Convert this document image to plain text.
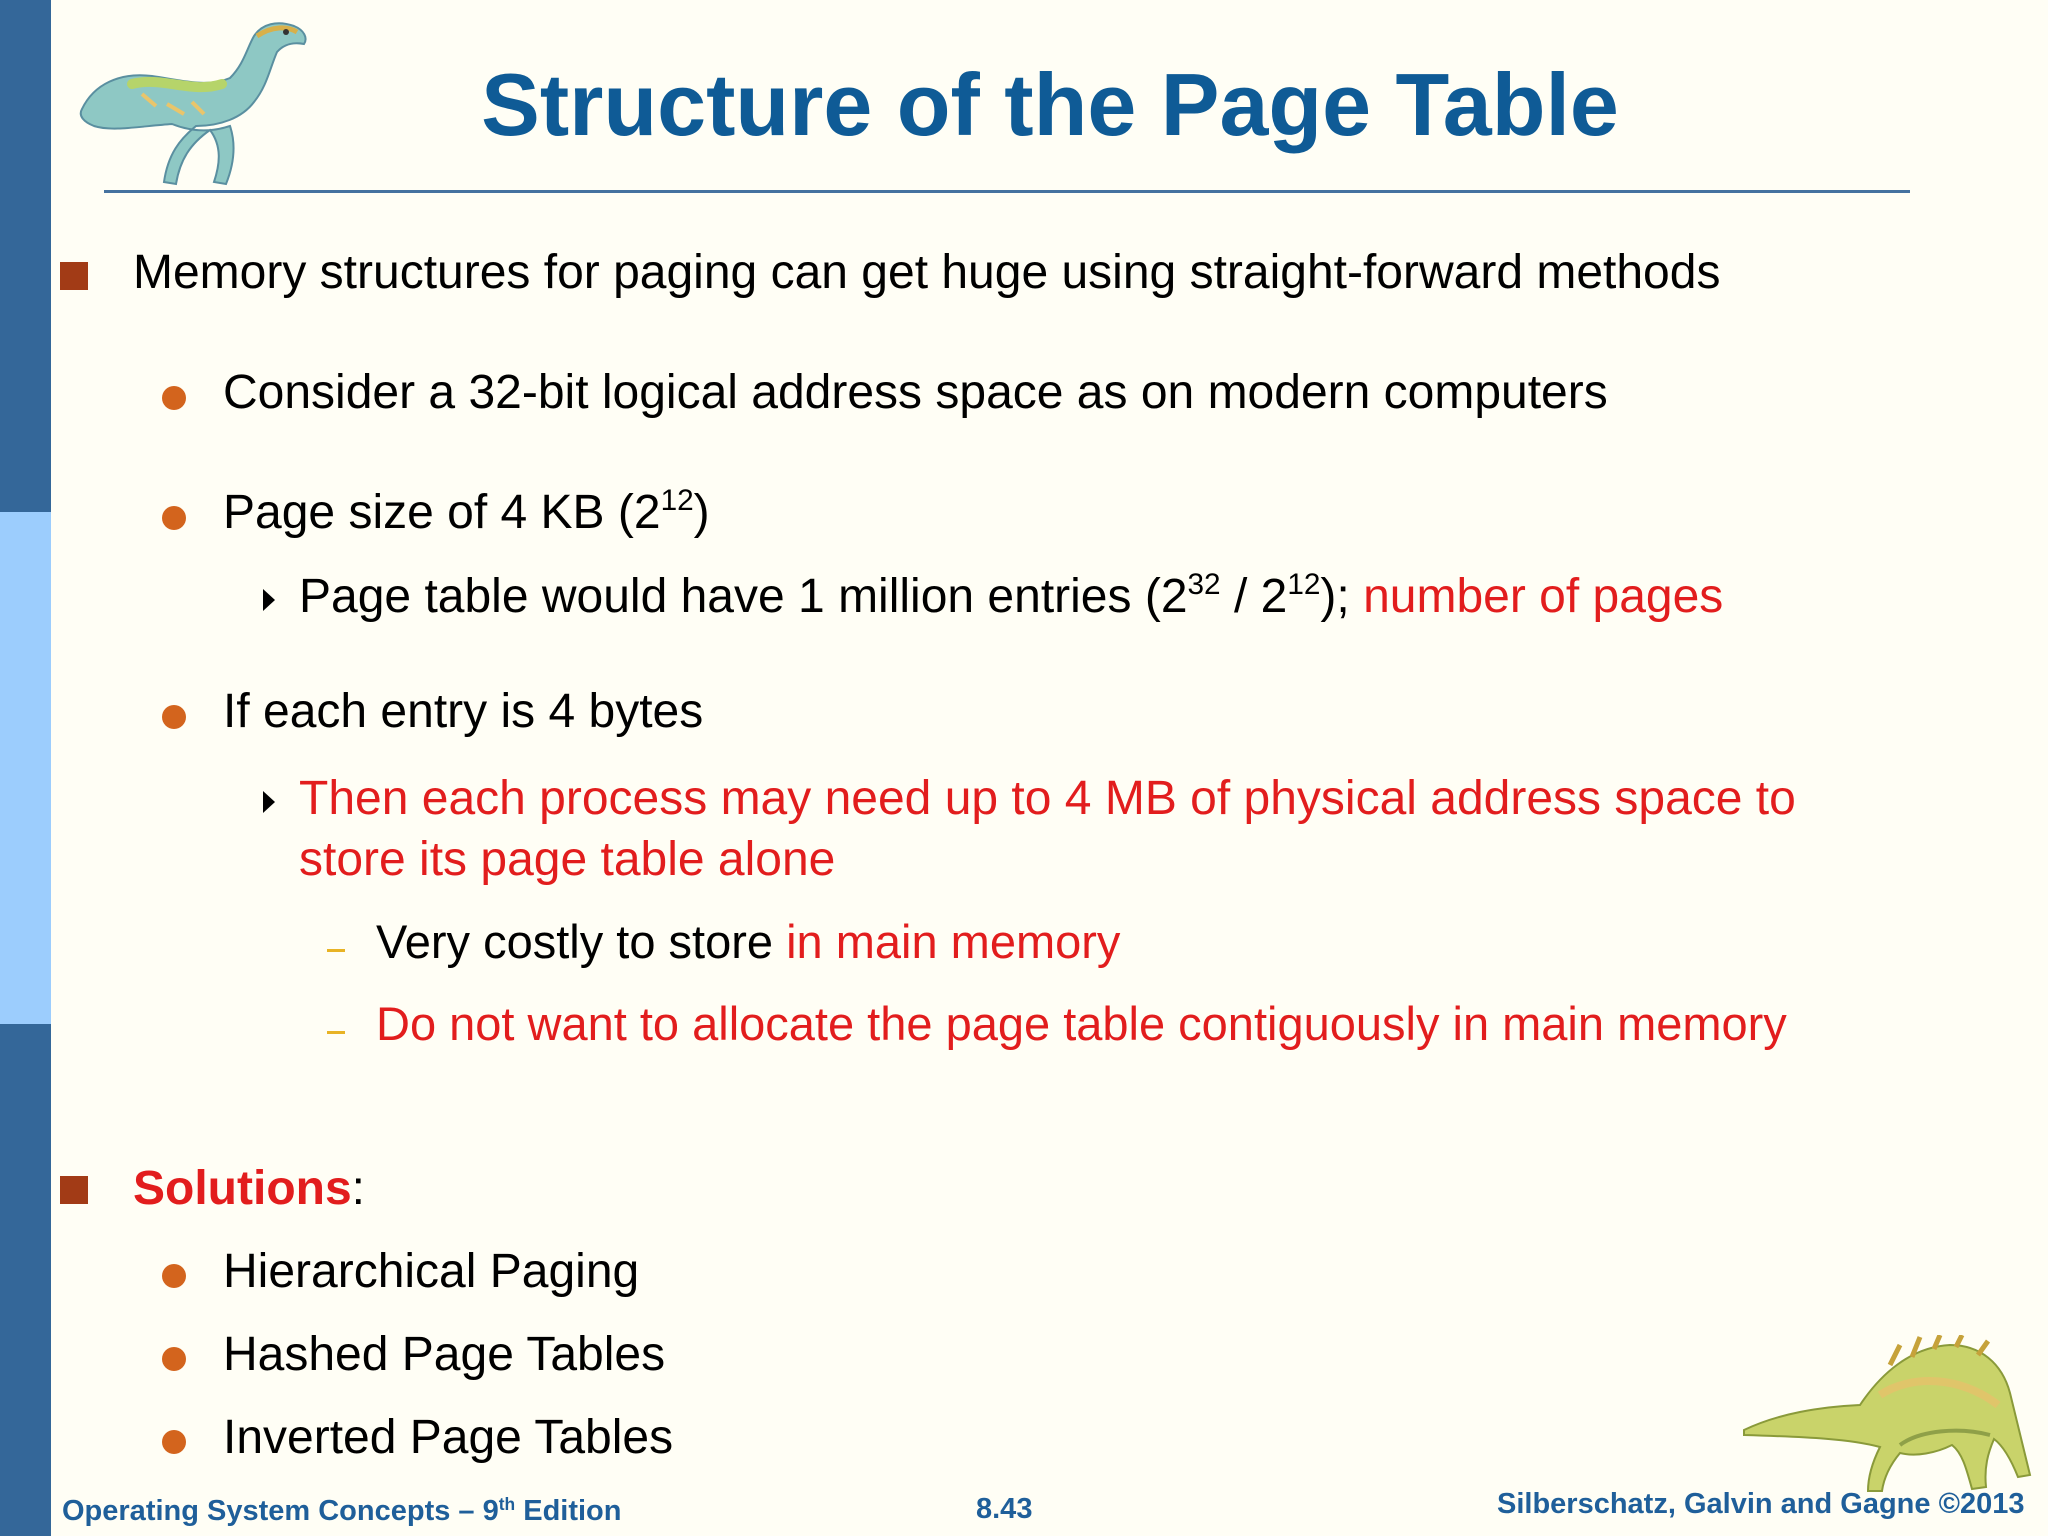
Structure of the Page Table
Memory structures for paging can get huge using straight-forward methods
Consider a 32-bit logical address space as on modern computers
Page size of 4 KB $(2^{12})$
Page table would have 1 million entries $(2^{32} / 2^{12})$; number of pages
If each entry is 4 bytes
Then each process may need up to 4 MB of physical address space to
store its page table alone
Very costly to store in main memory
Do not want to allocate the page table contiguously in main memory
Solutions:
Hierarchical Paging
Hashed Page Tables
Inverted Page Tables
Operating System Concepts – 9th Edition	8.43	Silberschatz, Galvin and Gagne ©2013
